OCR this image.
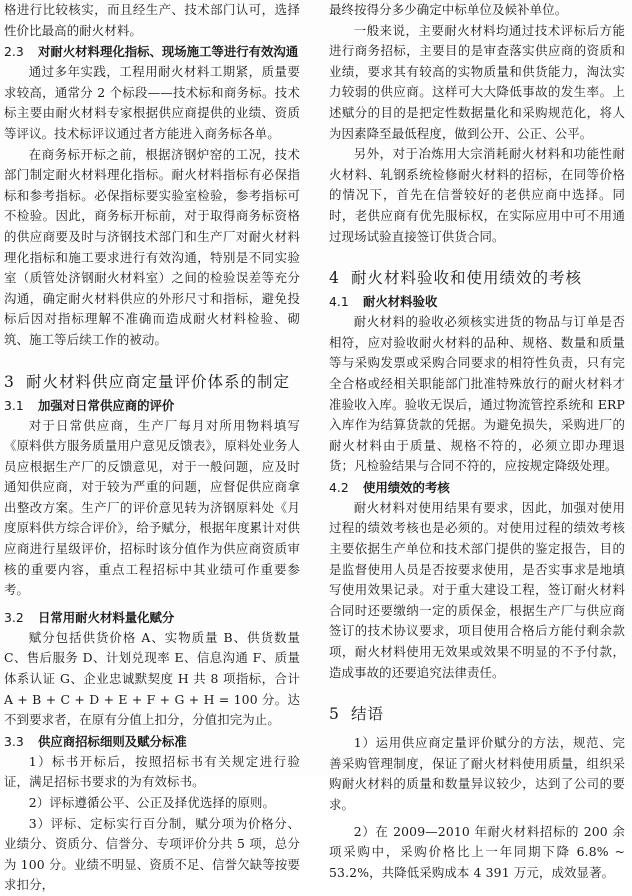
格进行比较核实，而且经生产、技术部门认可，选择性价比最高的耐火材料。

2.3 对耐火材料理化指标、现场施工等进行有效沟通

通过多年实践，工程用耐火材料工期紧，质量要求较高，通常分 2 个标段——技术标和商务标。技术标主要由耐火材料专家根据供应商提供的业绩、资质等评议。技术标评议通过者方能进入商务标各单。

在商务标开标之前，根据济钢炉窑的工况，技术部门制定耐火材料理化指标。耐火材料指标有必保指标和参考指标。必保指标要实验室检验，参考指标可不检验。因此，商务标开标前，对于取得商务标资格的供应商要及时与济钢技术部门和生产厂对耐火材料理化指标和施工要求进行有效沟通，特别是不同实验室（质管处济钢耐火材料室）之间的检验误差等充分沟通，确定耐火材料供应的外形尺寸和指标，避免投标后因对指标理解不准确而造成耐火材料检验、砌筑、施工等后续工作的被动。

3 耐火材料供应商定量评价体系的制定
3.1 加强对日常供应商的评价

对于日常供应商，生产厂每月对所用物料填写《原料供方服务质量用户意见反馈表》，原料处业务人员应根据生产厂的反馈意见，对于一般问题，应及时通知供应商，对于较为严重的问题，应督促供应商拿出整改方案。生产厂的评价意见转为济钢原料处《月度原料供方综合评价》，给予赋分，根据年度累计对供应商进行星级评价，招标时该分值作为供应商资质审核的重要内容，重点工程招标中其业绩可作重要参考。

3.2 日常用耐火材料量化赋分

赋分包括供货价格 A、实物质量 B、供货数量 C、售后服务 D、计划兑现率 E、信息沟通 F、质量体系认证 G、企业忠诚默契度 H 共 8 项指标，合计 A + B + C + D + E + F + G + H = 100 分。达不到要求者，在原有分值上扣分，分值扣完为止。

3.3 供应商招标细则及赋分标准

1）标书开标后，按照招标书有关规定进行验证，满足招标书要求的为有效标书。

2）评标遵循公平、公正及择优选择的原则。

3）评标、定标实行百分制，赋分项为价格分、业绩分、资质分、信誉分、专项评价分共 5 项，总分为 100 分。业绩不明显、资质不足、信誉欠缺等按要求扣分，

最终按得分多少确定中标单位及候补单位。

一般来说，主要耐火材料均通过技术评标后方能进行商务招标，主要目的是审查落实供应商的资质和业绩，要求其有较高的实物质量和供货能力，淘汰实力较弱的供应商。这样可大大降低事故的发生率。上述赋分的目的是把定性数据量化和采购规范化，将人为因素降至最低程度，做到公开、公正、公平。

另外，对于冶炼用大宗消耗耐火材料和功能性耐火材料、轧钢系统检修耐火材料的招标，在同等价格的情况下，首先在信誉较好的老供应商中选择。同时，老供应商有优先服标权，在实际应用中可不用通过现场试验直接签订供货合同。

4 耐火材料验收和使用绩效的考核
4.1 耐火材料验收

耐火材料的验收必须核实进货的物品与订单是否相符，应对验收耐火材料的品种、规格、数量和质量等与采购发票或采购合同要求的相符性负责，只有完全合格或经相关职能部门批准特殊放行的耐火材料才准验收入库。验收无误后，通过物流管控系统和 ERP 入库作为结算货款的凭据。为避免损失，采购进厂的耐火材料由于质量、规格不符的，必须立即办理退货；凡检验结果与合同不符的，应按规定降级处理。

4.2 使用绩效的考核

耐火材料对使用结果有要求，因此，加强对使用过程的绩效考核也是必须的。对使用过程的绩效考核主要依据生产单位和技术部门提供的鉴定报告，目的是监督使用人员是否按要求使用，是否实事求是地填写使用效果记录。对于重大建设工程，签订耐火材料合同时还要缴纳一定的质保金，根据生产厂与供应商签订的技术协议要求，项目使用合格后方能付剩余款项，耐火材料使用无效果或效果不明显的不予付款，造成事故的还要追究法律责任。

5 结语

1）运用供应商定量评价赋分的方法，规范、完善采购管理制度，保证了耐火材料使用质量，组织采购耐火材料的质量和数量异议较少，达到了公司的要求。

2）在 2009—2010 年耐火材料招标的 200 余项采购中，采购价格比上一年同期下降 6.8% ~ 53.2%，共降低采购成本 4 391 万元，成效显著。
